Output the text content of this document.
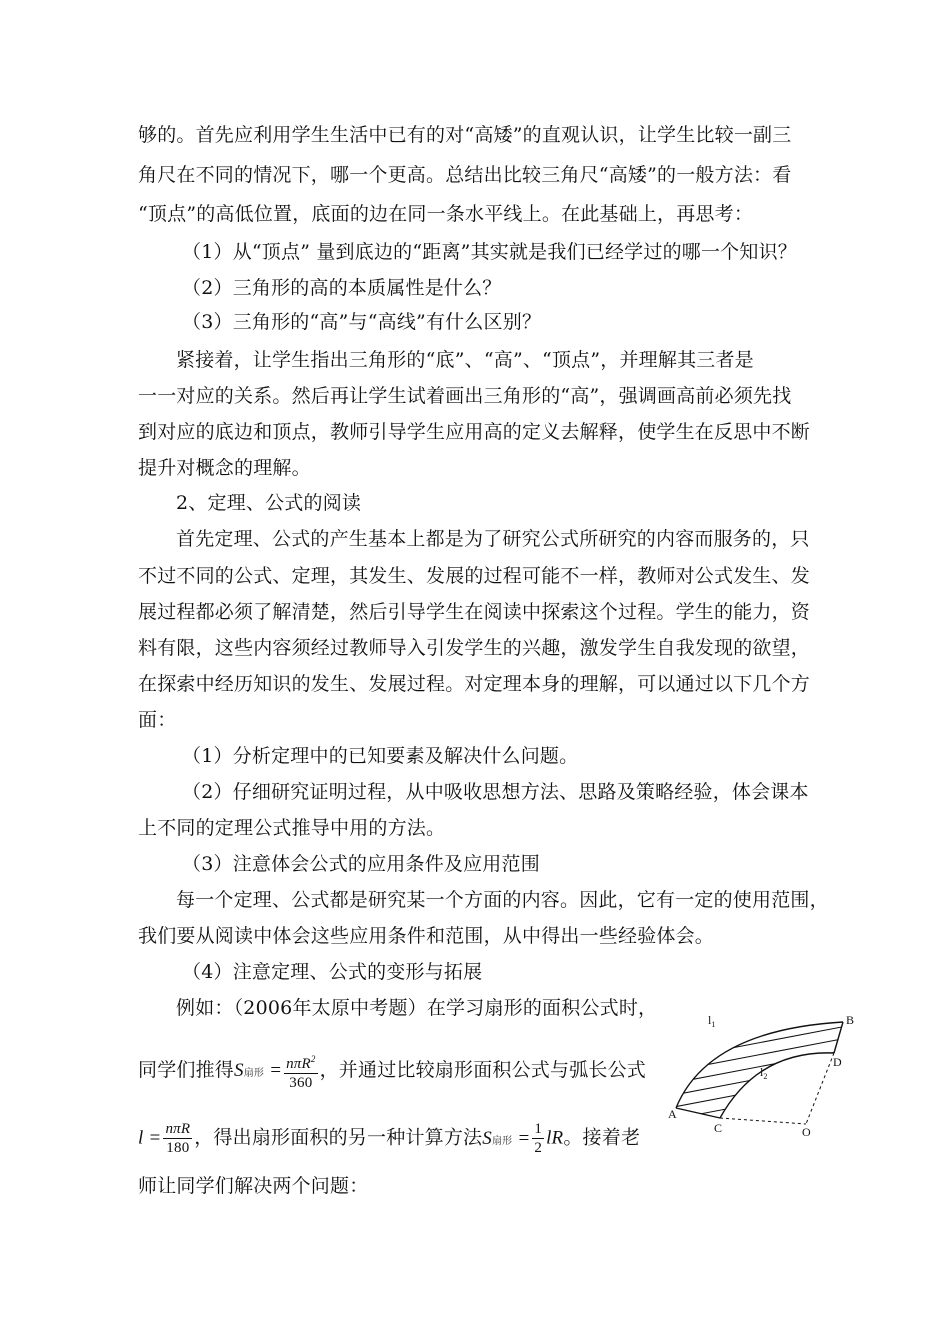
够的。首先应利用学生生活中已有的对“高矮”的直观认识，让学生比较一副三
角尺在不同的情况下，哪一个更高。总结出比较三角尺“高矮”的一般方法：看
“顶点”的高低位置，底面的边在同一条水平线上。在此基础上，再思考：
（1）从“顶点” 量到底边的“距离”其实就是我们已经学过的哪一个知识？
（2）三角形的高的本质属性是什么？
（3）三角形的“高”与“高线”有什么区别？
紧接着，让学生指出三角形的“底”、“高”、“顶点”，并理解其三者是
一一对应的关系。然后再让学生试着画出三角形的“高”，强调画高前必须先找
到对应的底边和顶点，教师引导学生应用高的定义去解释，使学生在反思中不断
提升对概念的理解。
2、定理、公式的阅读
首先定理、公式的产生基本上都是为了研究公式所研究的内容而服务的，只
不过不同的公式、定理，其发生、发展的过程可能不一样，教师对公式发生、发
展过程都必须了解清楚，然后引导学生在阅读中探索这个过程。学生的能力，资
料有限，这些内容须经过教师导入引发学生的兴趣，激发学生自我发现的欲望，
在探索中经历知识的发生、发展过程。对定理本身的理解，可以通过以下几个方
面：
（1）分析定理中的已知要素及解决什么问题。
（2）仔细研究证明过程，从中吸收思想方法、思路及策略经验，体会课本
上不同的定理公式推导中用的方法。
（3）注意体会公式的应用条件及应用范围
每一个定理、公式都是研究某一个方面的内容。因此，它有一定的使用范围，
我们要从阅读中体会这些应用条件和范围，从中得出一些经验体会。
（4）注意定理、公式的变形与拓展
例如：（2006年太原中考题）在学习扇形的面积公式时，
同学们推得S扇形 = $\frac{n\pi R^2}{360}$ ，并通过比较扇形面积公式与弧长公式
$l = \frac{\text{nπR}}{180}$ ，得出扇形面积的另一种计算方法S扇形 = $\frac{1}{2}$ lR。接着老
师让同学们解决两个问题：
$l_1$
$l_2$
B
D
A
C	O
